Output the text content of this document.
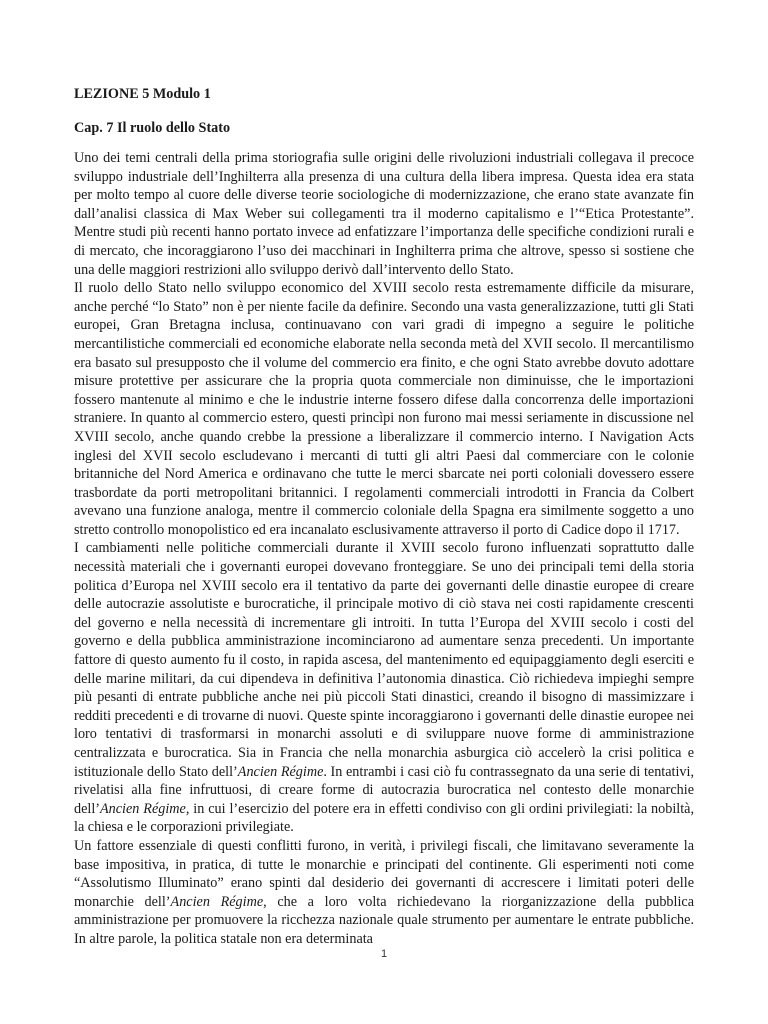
LEZIONE 5 Modulo 1

Cap. 7 Il ruolo dello Stato

Uno dei temi centrali della prima storiografia sulle origini delle rivoluzioni industriali collegava il precoce sviluppo industriale dell’Inghilterra alla presenza di una cultura della libera impresa. Questa idea era stata per molto tempo al cuore delle diverse teorie sociologiche di modernizzazione, che erano state avanzate fin dall’analisi classica di Max Weber sui collegamenti tra il moderno capitalismo e l’“Etica Protestante”. Mentre studi più recenti hanno portato invece ad enfatizzare l’importanza delle specifiche condizioni rurali e di mercato, che incoraggiarono l’uso dei macchinari in Inghilterra prima che altrove, spesso si sostiene che una delle maggiori restrizioni allo sviluppo derivò dall’intervento dello Stato.

Il ruolo dello Stato nello sviluppo economico del XVIII secolo resta estremamente difficile da misurare, anche perché “lo Stato” non è per niente facile da definire. Secondo una vasta generalizzazione, tutti gli Stati europei, Gran Bretagna inclusa, continuavano con vari gradi di impegno a seguire le politiche mercantilistiche commerciali ed economiche elaborate nella seconda metà del XVII secolo. Il mercantilismo era basato sul presupposto che il volume del commercio era finito, e che ogni Stato avrebbe dovuto adottare misure protettive per assicurare che la propria quota commerciale non diminuisse, che le importazioni fossero mantenute al minimo e che le industrie interne fossero difese dalla concorrenza delle importazioni straniere. In quanto al commercio estero, questi princìpi non furono mai messi seriamente in discussione nel XVIII secolo, anche quando crebbe la pressione a liberalizzare il commercio interno. I Navigation Acts inglesi del XVII secolo escludevano i mercanti di tutti gli altri Paesi dal commerciare con le colonie britanniche del Nord America e ordinavano che tutte le merci sbarcate nei porti coloniali dovessero essere trasbordate da porti metropolitani britannici. I regolamenti commerciali introdotti in Francia da Colbert avevano una funzione analoga, mentre il commercio coloniale della Spagna era similmente soggetto a uno stretto controllo monopolistico ed era incanalato esclusivamente attraverso il porto di Cadice dopo il 1717.

I cambiamenti nelle politiche commerciali durante il XVIII secolo furono influenzati soprattutto dalle necessità materiali che i governanti europei dovevano fronteggiare. Se uno dei principali temi della storia politica d’Europa nel XVIII secolo era il tentativo da parte dei governanti delle dinastie europee di creare delle autocrazie assolutiste e burocratiche, il principale motivo di ciò stava nei costi rapidamente crescenti del governo e nella necessità di incrementare gli introiti. In tutta l’Europa del XVIII secolo i costi del governo e della pubblica amministrazione incominciarono ad aumentare senza precedenti. Un importante fattore di questo aumento fu il costo, in rapida ascesa, del mantenimento ed equipaggiamento degli eserciti e delle marine militari, da cui dipendeva in definitiva l’autonomia dinastica. Ciò richiedeva impieghi sempre più pesanti di entrate pubbliche anche nei più piccoli Stati dinastici, creando il bisogno di massimizzare i redditi precedenti e di trovarne di nuovi. Queste spinte incoraggiarono i governanti delle dinastie europee nei loro tentativi di trasformarsi in monarchi assoluti e di sviluppare nuove forme di amministrazione centralizzata e burocratica. Sia in Francia che nella monarchia asburgica ciò accelerò la crisi politica e istituzionale dello Stato dell’Ancien Régime. In entrambi i casi ciò fu contrassegnato da una serie di tentativi, rivelatisi alla fine infruttuosi, di creare forme di autocrazia burocratica nel contesto delle monarchie dell’Ancien Régime, in cui l’esercizio del potere era in effetti condiviso con gli ordini privilegiati: la nobiltà, la chiesa e le corporazioni privilegiate.

Un fattore essenziale di questi conflitti furono, in verità, i privilegi fiscali, che limitavano severamente la base impositiva, in pratica, di tutte le monarchie e principati del continente. Gli esperimenti noti come “Assolutismo Illuminato” erano spinti dal desiderio dei governanti di accrescere i limitati poteri delle monarchie dell’Ancien Régime, che a loro volta richiedevano la riorganizzazione della pubblica amministrazione per promuovere la ricchezza nazionale quale strumento per aumentare le entrate pubbliche. In altre parole, la politica statale non era determinata

1
